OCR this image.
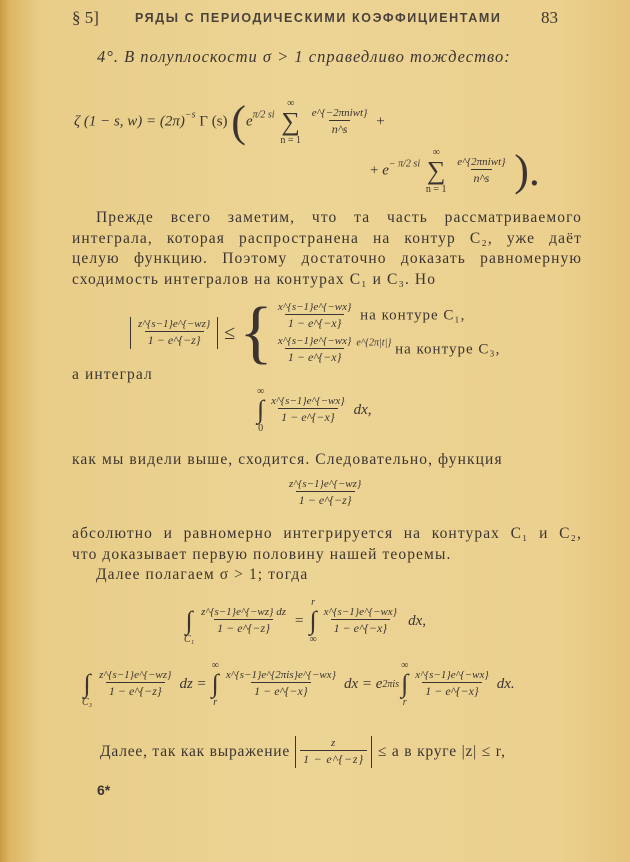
§ 5]	РЯДЫ С ПЕРИОДИЧЕСКИМИ КОЭФФИЦИЕНТАМИ 83
4°. В полуплоскости σ > 1 справедливо тождество:
ζ (1 − s, $w) = (2\pi)^{-s}$ Γ (s) ($e^{\pi/2 si}$
∞
∑
n = 1

$\frac{\text{e\textasciicircum{}\{−2πniwt\}}}{n\^{}s}$ +
+ $e^{- \pi/2 si}$
∞
∑
n = 1

$\frac{\text{e\textasciicircum{}\{2πniwt\}}}{n\^{}s}$ ).
Прежде всего заметим, что та часть рассматриваемого
интеграла, которая распространена на контур C₂, уже даёт
целую функцию. Поэтому достаточно доказать равномерную
сходимость интегралов на контурах C₁ и C₃. Но
$\frac{z\^{}\{s-1\}e\^{}\{-wz\}}{1 - e\^{}\{-z\}}$ ≤ { $\frac{x\^{}\{s-1\}e\^{}\{-wx\}}{1 - e\^{}\{-x\}}$ на контуре C₁,
$\frac{x\^{}\{s-1\}e\^{}\{-wx\}}{1 - e\^{}\{-x\}} ^{e\^{}\{2\pi|t|\}}$ на контуре C₃,
а интеграл
∞
∫
0
$\frac{x\^{}\{s-1\}e\^{}\{-wx\}}{1 - e\^{}\{-x\}}$ dx,
как мы видели выше, сходится. Следовательно, функция
$\frac{z\^{}\{s-1\}e\^{}\{-wz\}}{1 - e\^{}\{-z\}}$
абсолютно и равномерно интегрируется на контурах C₁ и C₂,
что доказывает первую половину нашей теоремы.
Далее полагаем σ > 1; тогда

∫
C₁
$\frac{z\^{}\{s-1\}e\^{}\{-wz\} dz}{1 - e\^{}\{-z\}}$ =
r
∫
∞
$\frac{x\^{}\{s-1\}e\^{}\{-wx\}}{1 - e\^{}\{-x\}}$ dx,

∫
C₃
$\frac{z\^{}\{s-1\}e\^{}\{-wz\}}{1 - e\^{}\{-z\}}$ dz =
∞
∫
r
$\frac{\text{x\textasciicircum{}\{s−1\}e\textasciicircum{}\{2πis\}e\textasciicircum{}\{−wx\}}}{1 - e\^{}\{-x\}}$ dx = e 2πis
∞
∫
r
$\frac{x\^{}\{s-1\}e\^{}\{-wx\}}{1 - e\^{}\{-x\}}$ dx.
Далее, так как выражение $\frac{z}{1 - e\^{}\{-z\}} \le a$ в круге |z| ≤ r,
6*
